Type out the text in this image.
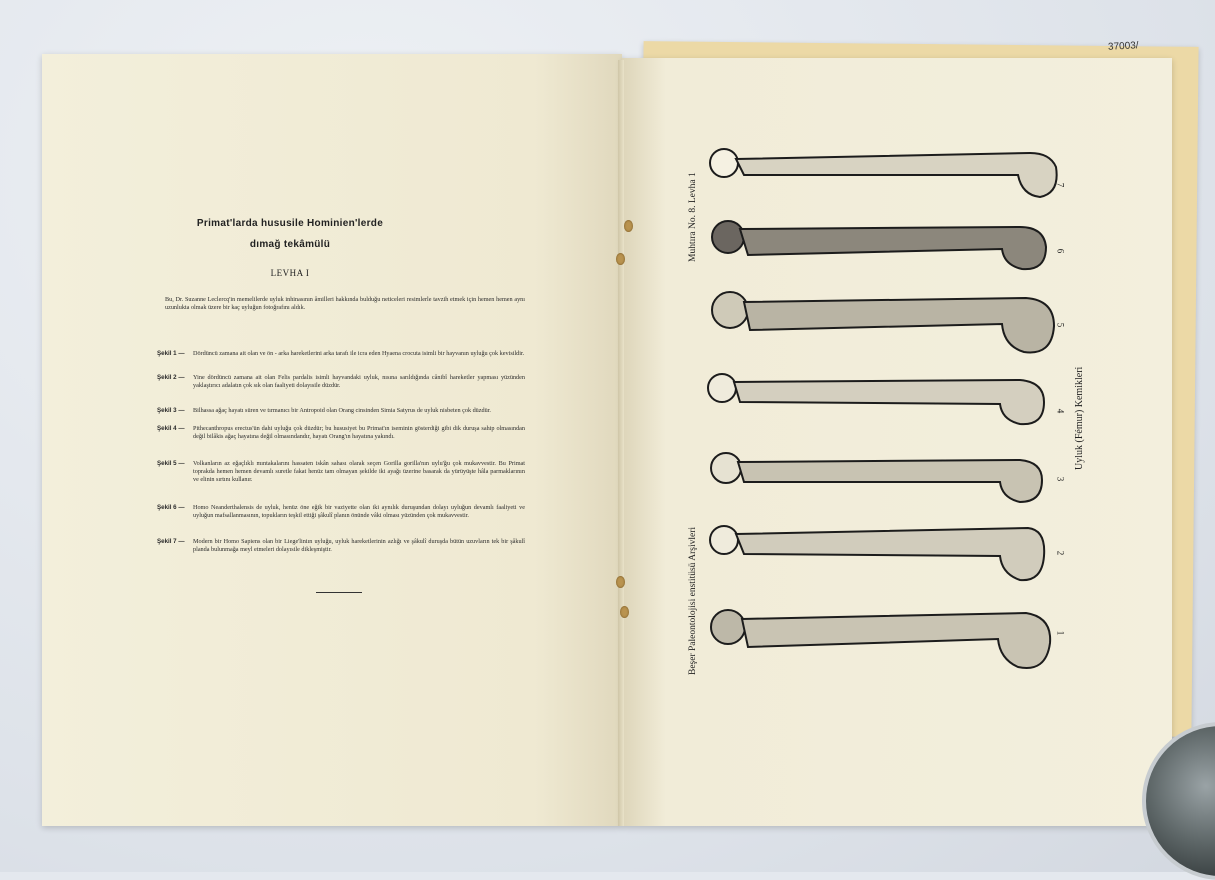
37003/
Primat'larda hususile Hominien'lerde
dımağ tekâmülü
LEVHA I
Bu, Dr. Suzanne Leclercq'in memelilerde uyluk inhinasının âmilleri hakkında bulduğu neticeleri resimlerle tavzih etmek için hemen hemen aynı uzunlukta olmak üzere bir kaç uyluğun fotoğrafını aldık.
Şekil 1 — Dördüncü zamana ait olan ve ön - arka hareketlerini arka tarafı ile icra eden Hyaena crocuta isimli bir hayvanın uyluğu çok kevisildir.
Şekil 2 — Yine dördüncü zamana ait olan Felis pardalis isimli hayvandaki uyluk, nısına sarıldığında cânibî hareketler yapması yüzünden yaklaştırıcı adalatın çok sık olan faaliyeti dolayısile düzdür.
Şekil 3 — Bilhassa ağaç hayatı süren ve tırmanıcı bir Antropoid olan Orang cinsinden Simia Satyrus de uyluk nisbeten çok düzdür.
Şekil 4 — Pithecanthropus erectus'ün dahi uyluğu çok düzdür; bu hususiyet bu Primat'ın iseminin gösterdiği gibi dik duruşa sahip olmasından değil bilâkis ağaç hayatına değil olmasındandır, hayatı Orang'ın hayatına yakındı.
Şekil 5 — Volkanların az eğaçlıklı mıntakalarını hassaten iskân sahası olarak seçen Gorilla gorilla'nın uylu'ğu çok mukavvestir. Bu Primat toprakda hemen hemen devamlı suretle fakat henüz tam olmayan şekilde iki ayağı üzerine basarak da yürüyüşte hâla parmaklarının ve elinin sırtını kullanır.
Şekil 6 — Homo Neanderthalensis de uyluk, henüz öne eğik bir vaziyette olan iki aynılık duruşundan dolayı uyluğun devamlı faaliyeti ve uyluğun mafsallanmasının, topukların teşkil ettiği şâkulî planın önünde vâki olması yüzünden çok mukavvestir.
Şekil 7 — Modern bir Homo Sapiens olan bir Liege'liniın uyluğu, uyluk hareketlerinin azlığı ve şâkulî duruşda bütün uzuvların tek bir şâkulî planda bulunmağa meyl etmeleri dolayısile dikleşmiştir.
Muhtıra No. 8. Levha 1
Beşer Paleontolojisi enstitüsü Arşivleri
Uyluk (Fémur) Kemikleri
7
6
5
4
3
2
1
